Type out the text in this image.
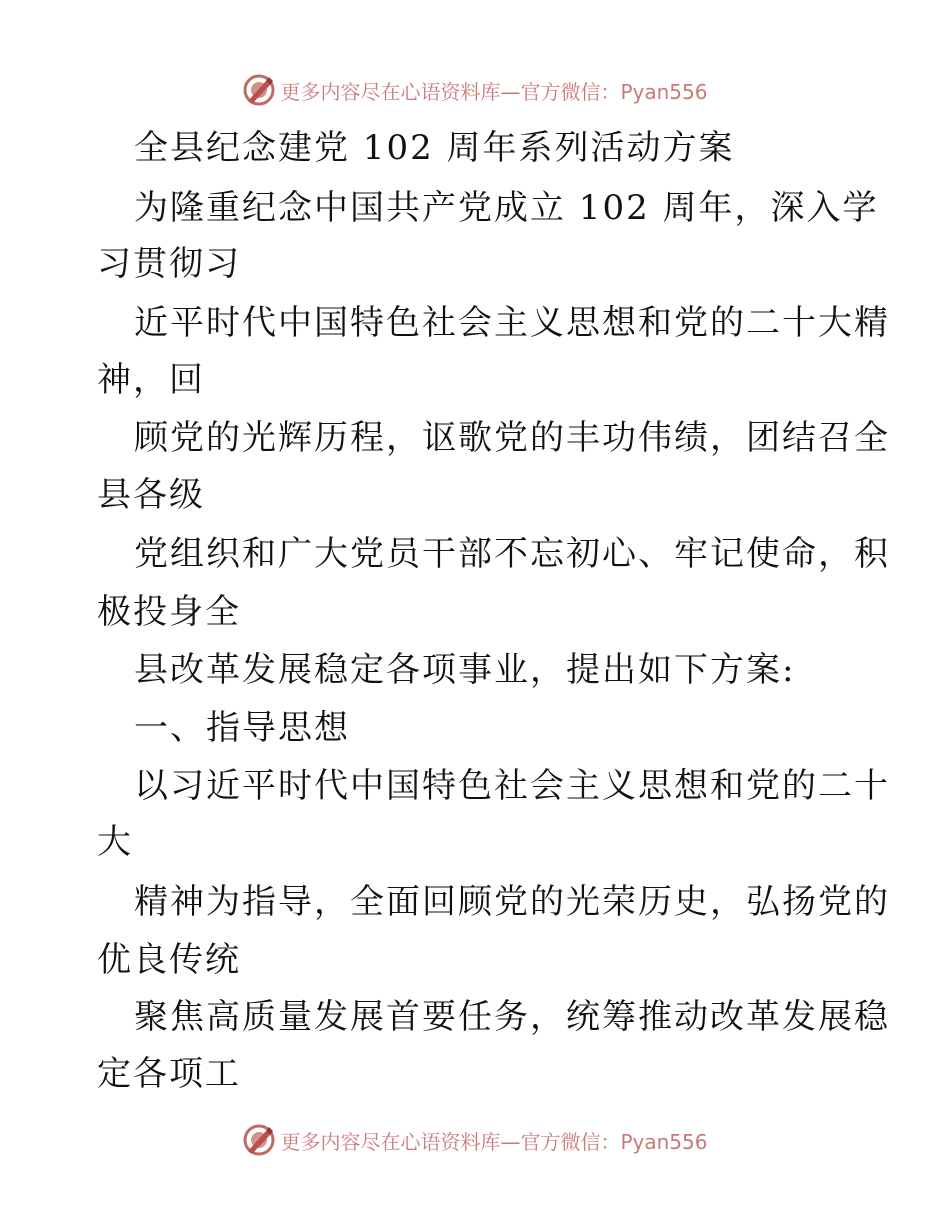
更多内容尽在心语资料库—官方微信：Pyan556
全县纪念建党 102 周年系列活动方案
为隆重纪念中国共产党成立 102 周年，深入学
习贯彻习
近平时代中国特色社会主义思想和党的二十大精
神，回
顾党的光辉历程，讴歌党的丰功伟绩，团结召全
县各级
党组织和广大党员干部不忘初心、牢记使命，积
极投身全
县改革发展稳定各项事业，提出如下方案:
一、指导思想
以习近平时代中国特色社会主义思想和党的二十
大
精神为指导，全面回顾党的光荣历史，弘扬党的
优良传统
聚焦高质量发展首要任务，统筹推动改革发展稳
定各项工
更多内容尽在心语资料库—官方微信：Pyan556
